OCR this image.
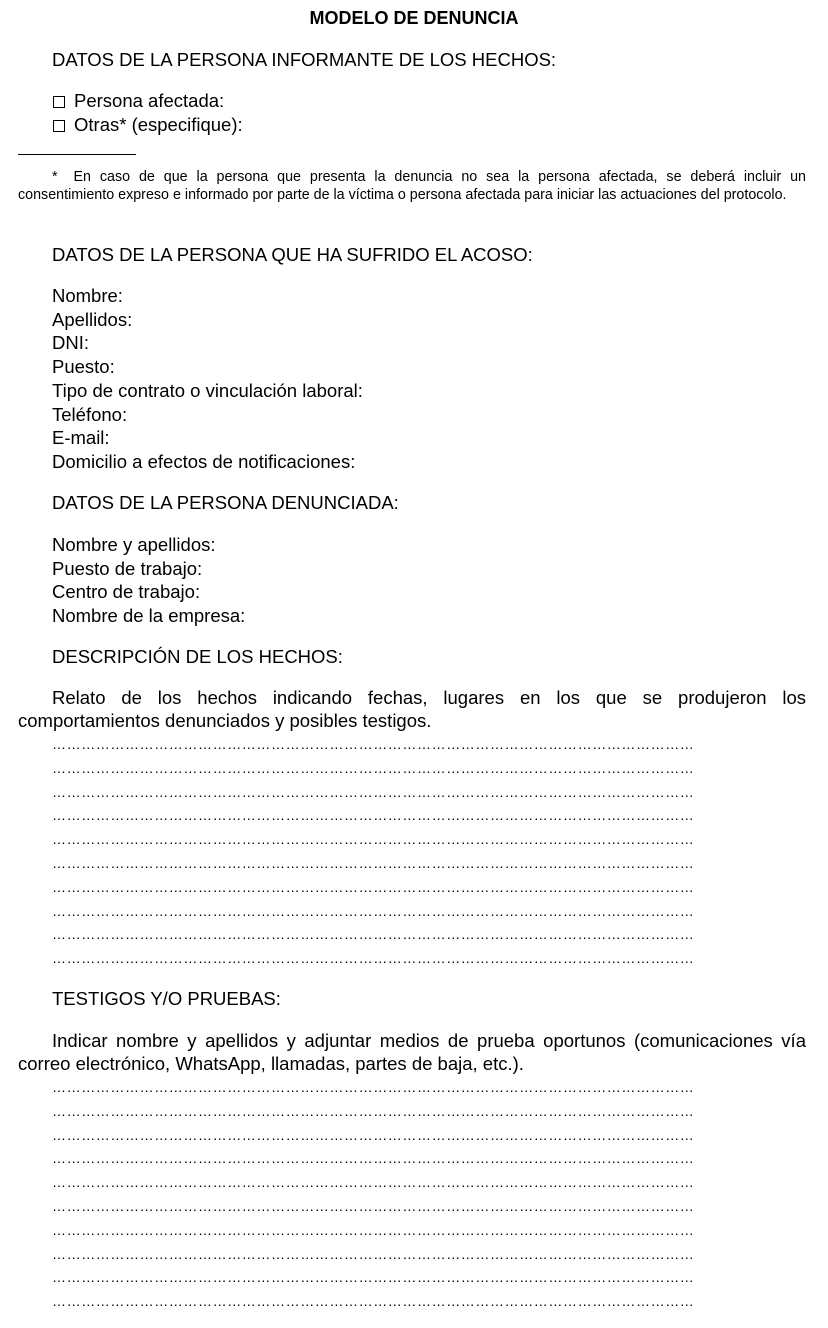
MODELO DE DENUNCIA
DATOS DE LA PERSONA INFORMANTE DE LOS HECHOS:
Persona afectada:
Otras* (especifique):
* En caso de que la persona que presenta la denuncia no sea la persona afectada, se deberá incluir un consentimiento expreso e informado por parte de la víctima o persona afectada para iniciar las actuaciones del protocolo.
DATOS DE LA PERSONA QUE HA SUFRIDO EL ACOSO:
Nombre:
Apellidos:
DNI:
Puesto:
Tipo de contrato o vinculación laboral:
Teléfono:
E-mail:
Domicilio a efectos de notificaciones:
DATOS DE LA PERSONA DENUNCIADA:
Nombre y apellidos:
Puesto de trabajo:
Centro de trabajo:
Nombre de la empresa:
DESCRIPCIÓN DE LOS HECHOS:
Relato de los hechos indicando fechas, lugares en los que se produjeron los comportamientos denunciados y posibles testigos.
……………………………………………………………………………………………………………………
……………………………………………………………………………………………………………………
……………………………………………………………………………………………………………………
……………………………………………………………………………………………………………………
……………………………………………………………………………………………………………………
……………………………………………………………………………………………………………………
……………………………………………………………………………………………………………………
……………………………………………………………………………………………………………………
……………………………………………………………………………………………………………………
……………………………………………………………………………………………………………………
TESTIGOS Y/O PRUEBAS:
Indicar nombre y apellidos y adjuntar medios de prueba oportunos (comunicaciones vía correo electrónico, WhatsApp, llamadas, partes de baja, etc.).
……………………………………………………………………………………………………………………
……………………………………………………………………………………………………………………
……………………………………………………………………………………………………………………
……………………………………………………………………………………………………………………
……………………………………………………………………………………………………………………
……………………………………………………………………………………………………………………
……………………………………………………………………………………………………………………
……………………………………………………………………………………………………………………
……………………………………………………………………………………………………………………
……………………………………………………………………………………………………………………
